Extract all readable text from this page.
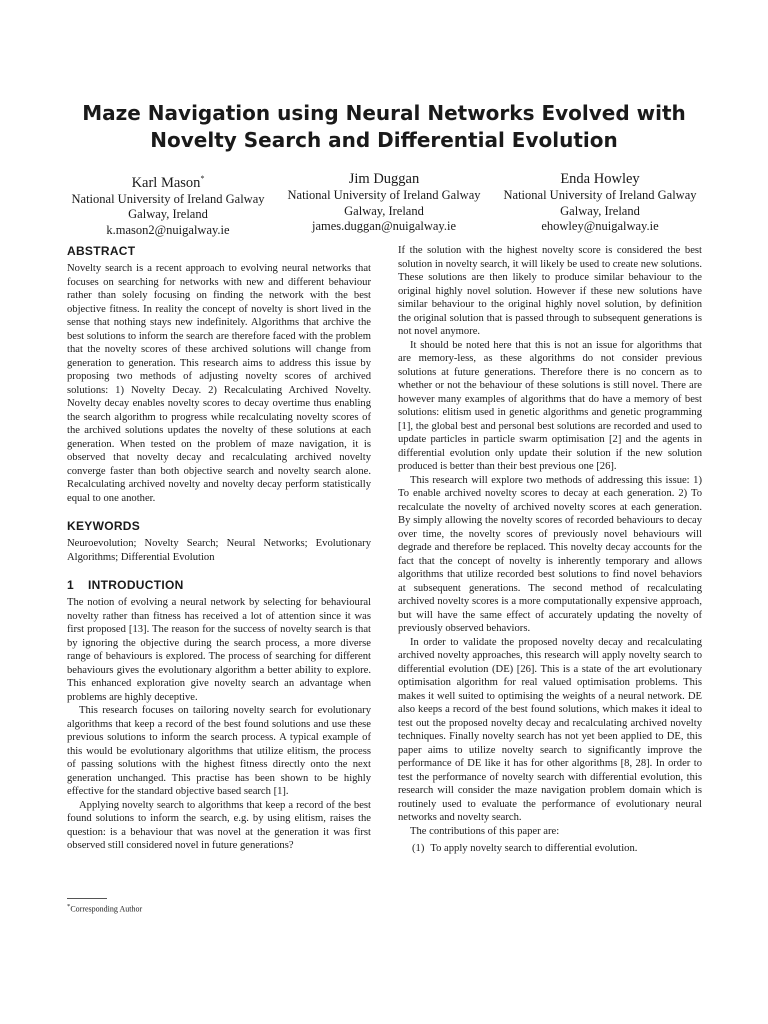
Maze Navigation using Neural Networks Evolved with
Novelty Search and Differential Evolution
Karl Mason*
National University of Ireland Galway
Galway, Ireland
k.mason2@nuigalway.ie
Jim Duggan
National University of Ireland Galway
Galway, Ireland
james.duggan@nuigalway.ie
Enda Howley
National University of Ireland Galway
Galway, Ireland
ehowley@nuigalway.ie
ABSTRACT

Novelty search is a recent approach to evolving neural networks that focuses on searching for networks with new and different behaviour rather than solely focusing on finding the network with the best objective fitness. In reality the concept of novelty is short lived in the sense that nothing stays new indefinitely. Algorithms that archive the best solutions to inform the search are therefore faced with the problem that the novelty scores of these archived solutions will change from generation to generation. This research aims to address this issue by proposing two methods of adjusting novelty scores of archived solutions: 1) Novelty Decay. 2) Recalculating Archived Novelty. Novelty decay enables novelty scores to decay overtime thus enabling the search algorithm to progress while recalculating novelty scores of the archived solutions updates the novelty of these solutions at each generation. When tested on the problem of maze navigation, it is observed that novelty decay and recalculating archived novelty converge faster than both objective search and novelty search alone. Recalculating archived novelty and novelty decay perform statistically equal to one another.

KEYWORDS

Neuroevolution; Novelty Search; Neural Networks; Evolutionary Algorithms; Differential Evolution

1 INTRODUCTION

The notion of evolving a neural network by selecting for behavioural novelty rather than fitness has received a lot of attention since it was first proposed [13]. The reason for the success of novelty search is that by ignoring the objective during the search process, a more diverse range of behaviours is explored. The process of searching for different behaviours gives the evolutionary algorithm a better ability to explore. This enhanced exploration give novelty search an advantage when problems are highly deceptive.

This research focuses on tailoring novelty search for evolutionary algorithms that keep a record of the best found solutions and use these previous solutions to inform the search process. A typical example of this would be evolutionary algorithms that utilize elitism, the process of passing solutions with the highest fitness directly onto the next generation unchanged. This practise has been shown to be highly effective for the standard objective based search [1].

Applying novelty search to algorithms that keep a record of the best found solutions to inform the search, e.g. by using elitism, raises the question: is a behaviour that was novel at the generation it was first observed still considered novel in future generations?

*Corresponding Author

If the solution with the highest novelty score is considered the best solution in novelty search, it will likely be used to create new solutions. These solutions are then likely to produce similar behaviour to the original highly novel solution. However if these new solutions have similar behaviour to the original highly novel solution, by definition the original solution that is passed through to subsequent generations is not novel anymore.

It should be noted here that this is not an issue for algorithms that are memory-less, as these algorithms do not consider previous solutions at future generations. Therefore there is no concern as to whether or not the behaviour of these solutions is still novel. There are however many examples of algorithms that do have a memory of best solutions: elitism used in genetic algorithms and genetic programming [1], the global best and personal best solutions are recorded and used to update particles in particle swarm optimisation [2] and the agents in differential evolution only update their solution if the new solution produced is better than their best previous one [26].

This research will explore two methods of addressing this issue: 1) To enable archived novelty scores to decay at each generation. 2) To recalculate the novelty of archived novelty scores at each generation. By simply allowing the novelty scores of recorded behaviours to decay over time, the novelty scores of previously novel behaviours will degrade and therefore be replaced. This novelty decay accounts for the fact that the concept of novelty is inherently temporary and allows algorithms that utilize recorded best solutions to find novel behaviors at subsequent generations. The second method of recalculating archived novelty scores is a more computationally expensive approach, but will have the same effect of accurately updating the novelty of previously observed behaviors.

In order to validate the proposed novelty decay and recalculating archived novelty approaches, this research will apply novelty search to differential evolution (DE) [26]. This is a state of the art evolutionary optimisation algorithm for real valued optimisation problems. This makes it well suited to optimising the weights of a neural network. DE also keeps a record of the best found solutions, which makes it ideal to test out the proposed novelty decay and recalculating archived novelty techniques. Finally novelty search has not yet been applied to DE, this paper aims to utilize novelty search to significantly improve the performance of DE like it has for other algorithms [8, 28]. In order to test the performance of novelty search with differential evolution, this research will consider the maze navigation problem domain which is routinely used to evaluate the performance of evolutionary neural networks and novelty search.

The contributions of this paper are:

(1) To apply novelty search to differential evolution.
